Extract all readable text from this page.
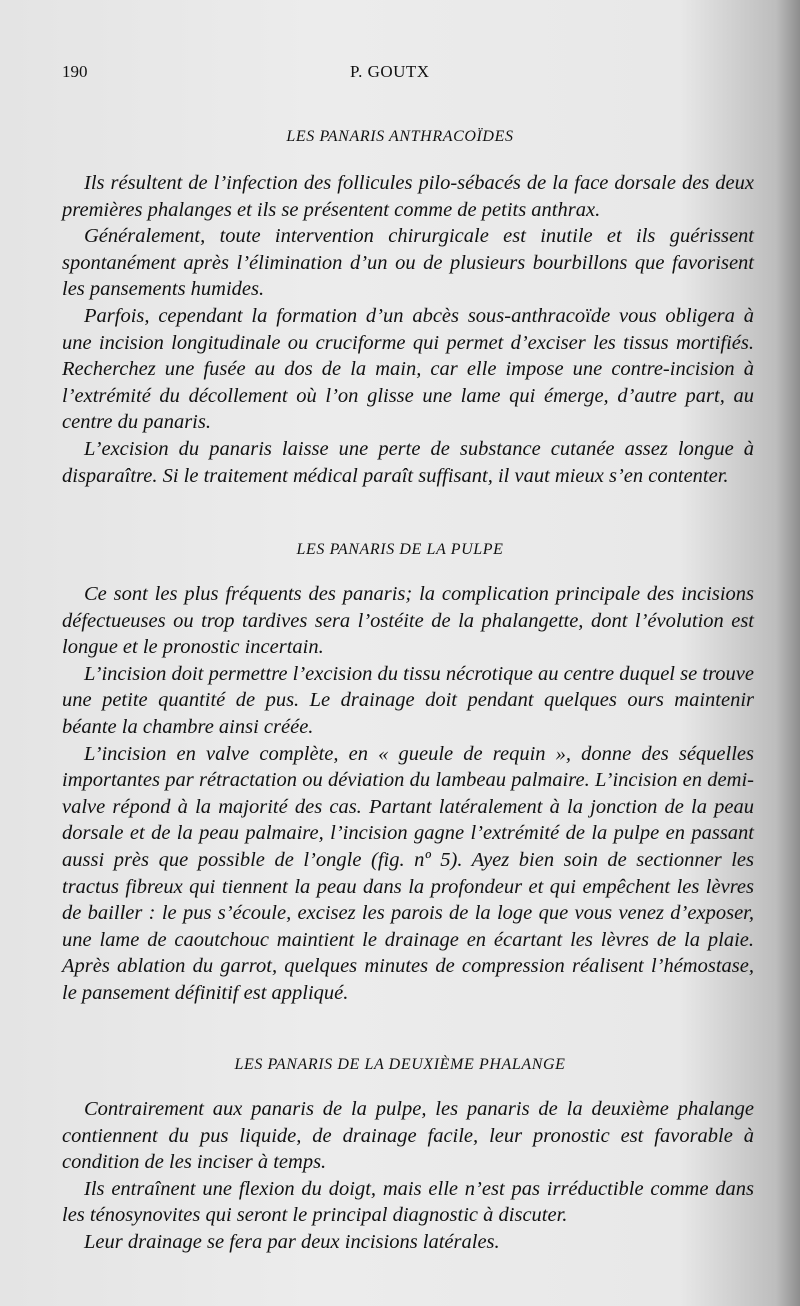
190	P. GOUTX
LES PANARIS ANTHRACOÏDES

Ils résultent de l’infection des follicules pilo-sébacés de la face dorsale des deux premières phalanges et ils se présentent comme de petits anthrax.

Généralement, toute intervention chirurgicale est inutile et ils guérissent spontanément après l’élimination d’un ou de plusieurs bourbillons que favorisent les pansements humides.

Parfois, cependant la formation d’un abcès sous-anthracoïde vous obligera à une incision longitudinale ou cruciforme qui permet d’exciser les tissus mortifiés. Recherchez une fusée au dos de la main, car elle impose une contre-incision à l’extrémité du décollement où l’on glisse une lame qui émerge, d’autre part, au centre du panaris.

L’excision du panaris laisse une perte de substance cutanée assez longue à disparaître. Si le traitement médical paraît suffisant, il vaut mieux s’en contenter.

LES PANARIS DE LA PULPE

Ce sont les plus fréquents des panaris; la complication principale des incisions défectueuses ou trop tardives sera l’ostéite de la phalangette, dont l’évolution est longue et le pronostic incertain.

L’incision doit permettre l’excision du tissu nécrotique au centre duquel se trouve une petite quantité de pus. Le drainage doit pendant quelques ours maintenir béante la chambre ainsi créée.

L’incision en valve complète, en « gueule de requin », donne des séquelles importantes par rétractation ou déviation du lambeau palmaire. L’incision en demi-valve répond à la majorité des cas. Partant latéralement à la jonction de la peau dorsale et de la peau palmaire, l’incision gagne l’extrémité de la pulpe en passant aussi près que possible de l’ongle (fig. nº 5). Ayez bien soin de sectionner les tractus fibreux qui tiennent la peau dans la profondeur et qui empêchent les lèvres de bailler : le pus s’écoule, excisez les parois de la loge que vous venez d’exposer, une lame de caoutchouc maintient le drainage en écartant les lèvres de la plaie. Après ablation du garrot, quelques minutes de compression réalisent l’hémostase, le pansement définitif est appliqué.

LES PANARIS DE LA DEUXIÈME PHALANGE

Contrairement aux panaris de la pulpe, les panaris de la deuxième phalange contiennent du pus liquide, de drainage facile, leur pronostic est favorable à condition de les inciser à temps.

Ils entraînent une flexion du doigt, mais elle n’est pas irréductible comme dans les ténosynovites qui seront le principal diagnostic à discuter.

Leur drainage se fera par deux incisions latérales.
